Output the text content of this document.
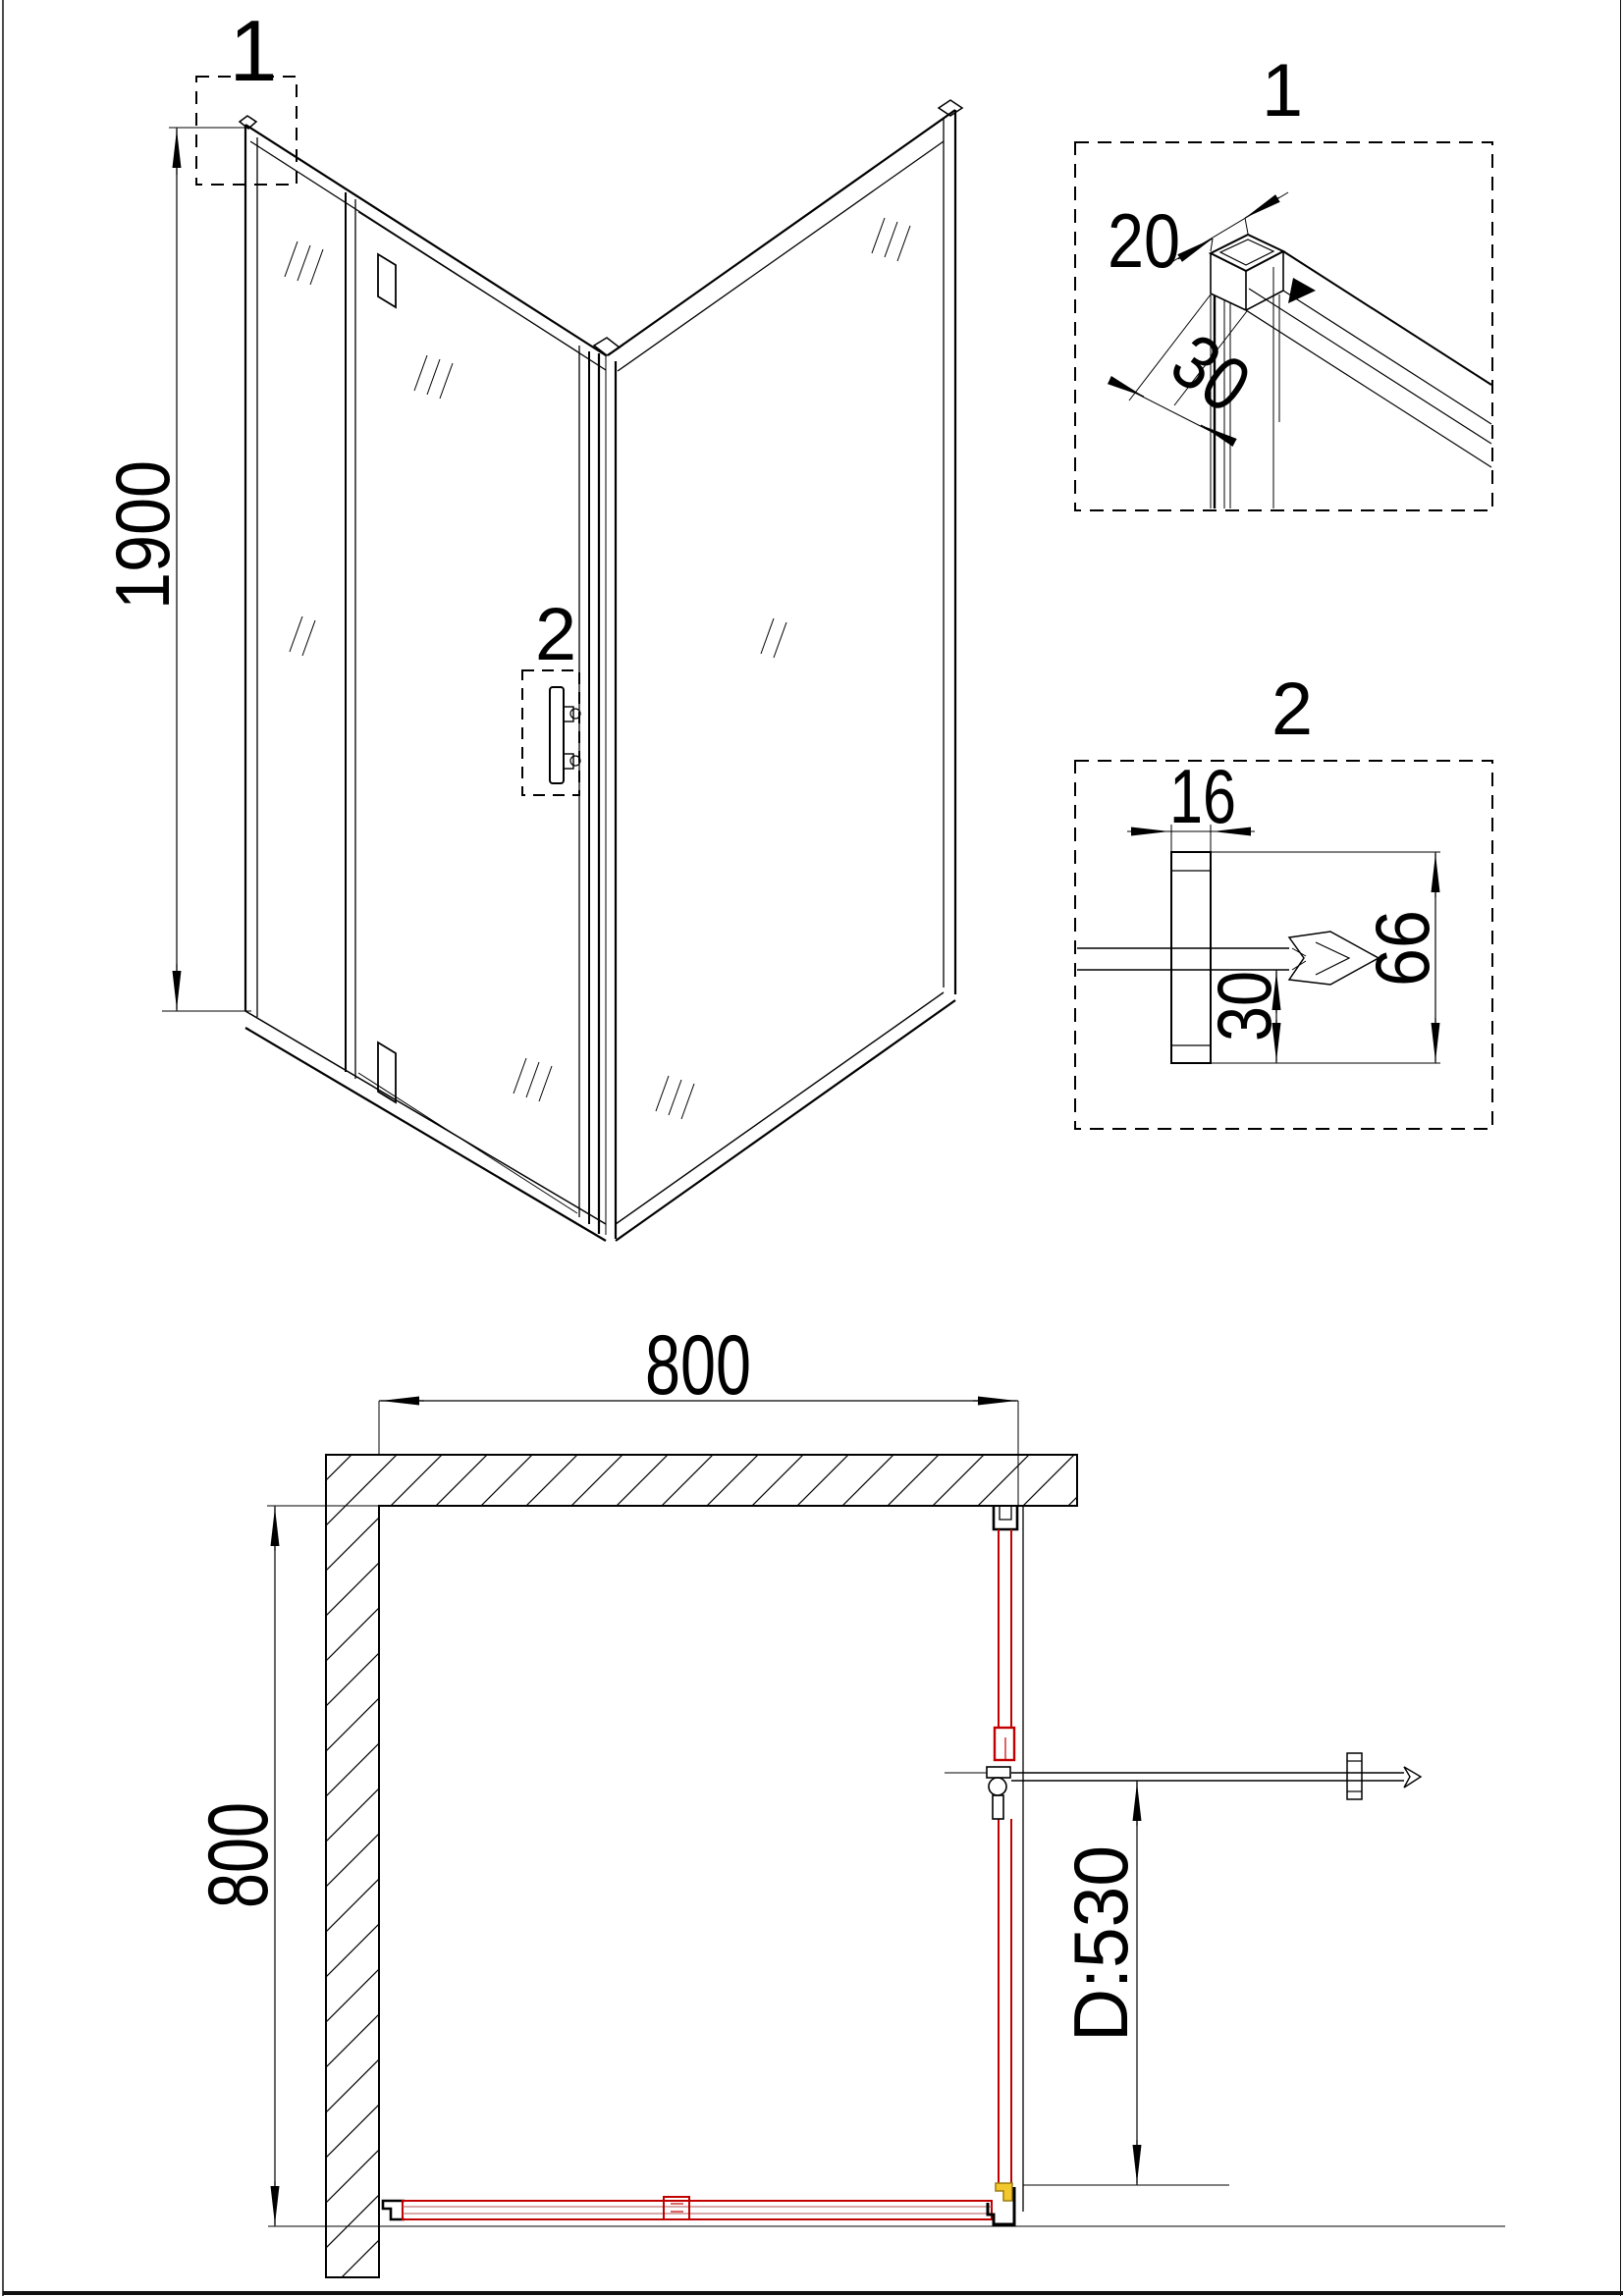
1900
1
2
1
20
30
2
16
66
30
800
800	D:530
